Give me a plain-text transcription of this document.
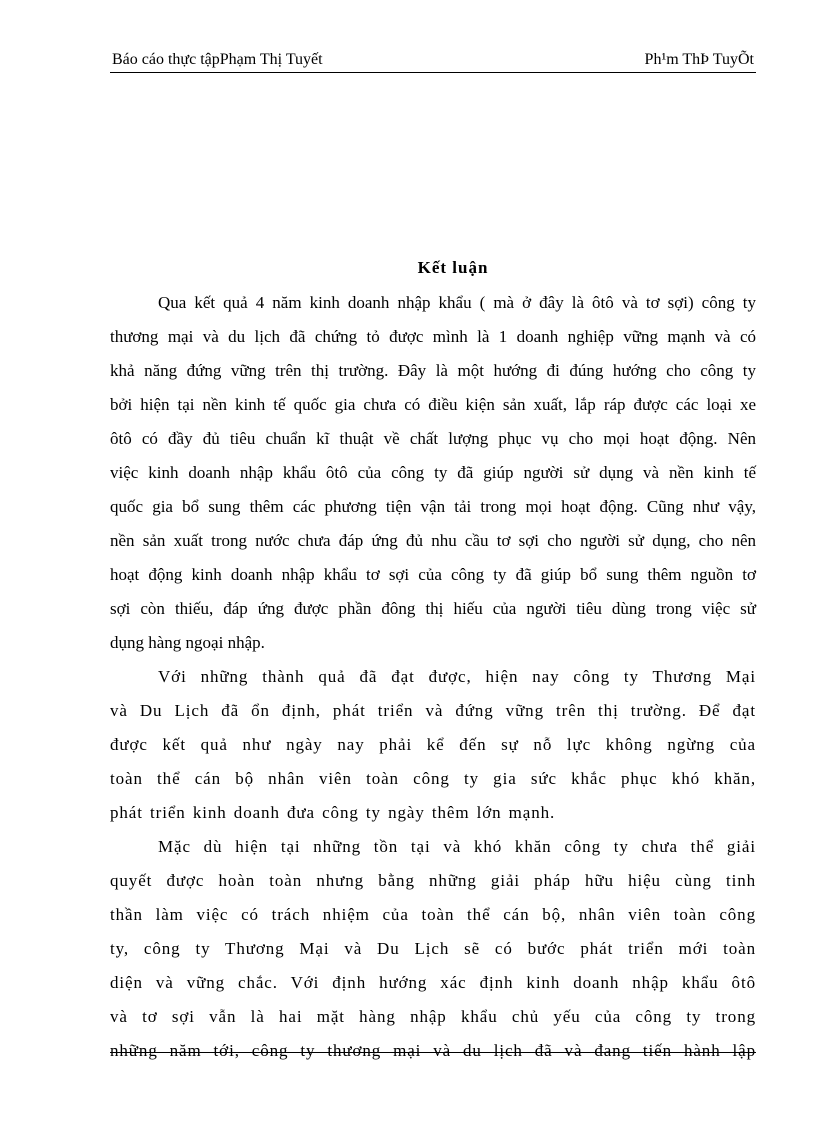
Báo cáo thực tậpPhạm Thị Tuyết	Ph¹m ThÞ TuyÕt
Kết luận
Qua kết quả 4 năm kinh doanh nhập khẩu ( mà ở đây là ôtô và tơ sợi) công ty
thương mại và du lịch đã chứng tỏ được mình là 1 doanh nghiệp vững mạnh và có
khả năng đứng vững trên thị trường. Đây là một hướng đi đúng hướng cho công ty
bởi hiện tại nền kinh tế quốc gia chưa có điều kiện sản xuất, lắp ráp được các loại xe
ôtô có đầy đủ tiêu chuẩn kĩ thuật về chất lượng phục vụ cho mọi hoạt động. Nên
việc kinh doanh nhập khẩu ôtô của công ty đã giúp người sử dụng và nền kinh tế
quốc gia bổ sung thêm các phương tiện vận tải trong mọi hoạt động. Cũng như vậy,
nền sản xuất trong nước chưa đáp ứng đủ nhu cầu tơ sợi cho người sử dụng, cho nên
hoạt động kinh doanh nhập khẩu tơ sợi của công ty đã giúp bổ sung thêm nguồn tơ
sợi còn thiếu, đáp ứng được phần đông thị hiếu của người tiêu dùng trong việc sử
dụng hàng ngoại nhập.
Với những thành quả đã đạt được, hiện nay công ty Thương Mại
và Du Lịch đã ổn định, phát triển và đứng vững trên thị trường. Để đạt
được kết quả như ngày nay phải kể đến sự nỗ lực không ngừng của
toàn thể cán bộ nhân viên toàn công ty gia sức khắc phục khó khăn,
phát triển kinh doanh đưa công ty ngày thêm lớn mạnh.
Mặc dù hiện tại những tồn tại và khó khăn công ty chưa thể giải
quyết được hoàn toàn nhưng bằng những giải pháp hữu hiệu cùng tinh
thần làm việc có trách nhiệm của toàn thể cán bộ, nhân viên toàn công
ty, công ty Thương Mại và Du Lịch sẽ có bước phát triển mới toàn
diện và vững chắc. Với định hướng xác định kinh doanh nhập khẩu ôtô
và tơ sợi vẫn là hai mặt hàng nhập khẩu chủ yếu của công ty trong
những năm tới, công ty thương mại và du lịch đã và đang tiến hành lập
